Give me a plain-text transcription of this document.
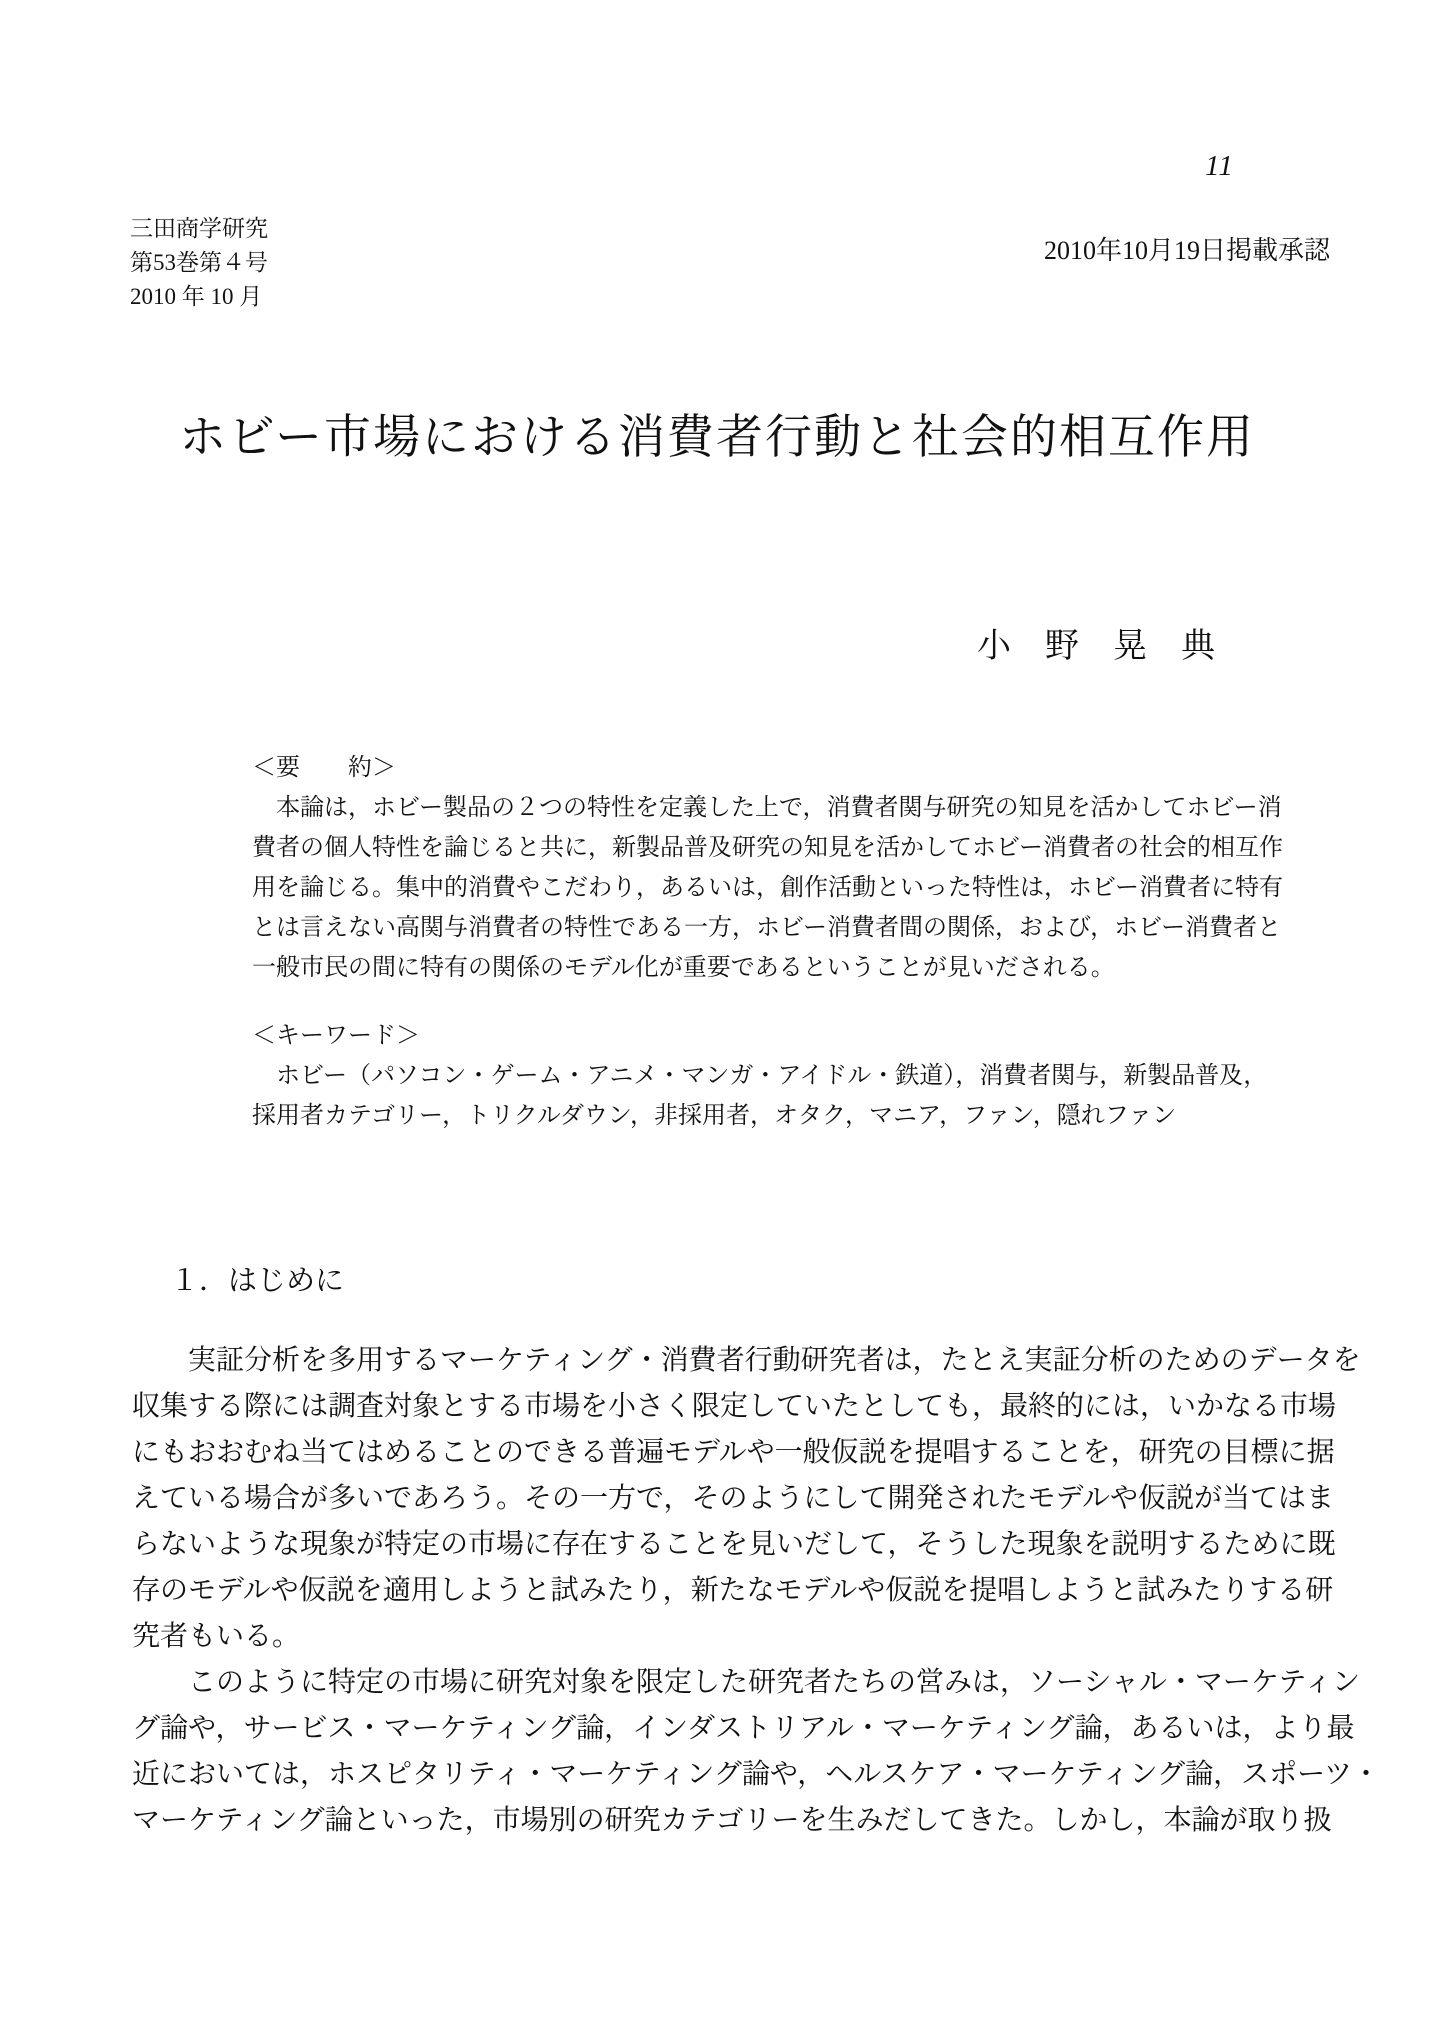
11
三田商学研究
第53巻第４号
2010 年 10 月
2010年10月19日掲載承認
ホビー市場における消費者行動と社会的相互作用
小　野　晃　典
＜要　　約＞
　本論は，ホビー製品の２つの特性を定義した上で，消費者関与研究の知見を活かしてホビー消
費者の個人特性を論じると共に，新製品普及研究の知見を活かしてホビー消費者の社会的相互作
用を論じる。集中的消費やこだわり，あるいは，創作活動といった特性は，ホビー消費者に特有
とは言えない高関与消費者の特性である一方，ホビー消費者間の関係，および，ホビー消費者と
一般市民の間に特有の関係のモデル化が重要であるということが見いだされる。
＜キーワード＞
　ホビー（パソコン・ゲーム・アニメ・マンガ・アイドル・鉄道），消費者関与，新製品普及，
採用者カテゴリー，トリクルダウン，非採用者，オタク，マニア，ファン，隠れファン
１．はじめに
　　実証分析を多用するマーケティング・消費者行動研究者は，たとえ実証分析のためのデータを
収集する際には調査対象とする市場を小さく限定していたとしても，最終的には，いかなる市場
にもおおむね当てはめることのできる普遍モデルや一般仮説を提唱することを，研究の目標に据
えている場合が多いであろう。その一方で，そのようにして開発されたモデルや仮説が当てはま
らないような現象が特定の市場に存在することを見いだして，そうした現象を説明するために既
存のモデルや仮説を適用しようと試みたり，新たなモデルや仮説を提唱しようと試みたりする研
究者もいる。
　　このように特定の市場に研究対象を限定した研究者たちの営みは，ソーシャル・マーケティン
グ論や，サービス・マーケティング論，インダストリアル・マーケティング論，あるいは，より最
近においては，ホスピタリティ・マーケティング論や，ヘルスケア・マーケティング論，スポーツ・
マーケティング論といった，市場別の研究カテゴリーを生みだしてきた。しかし，本論が取り扱
